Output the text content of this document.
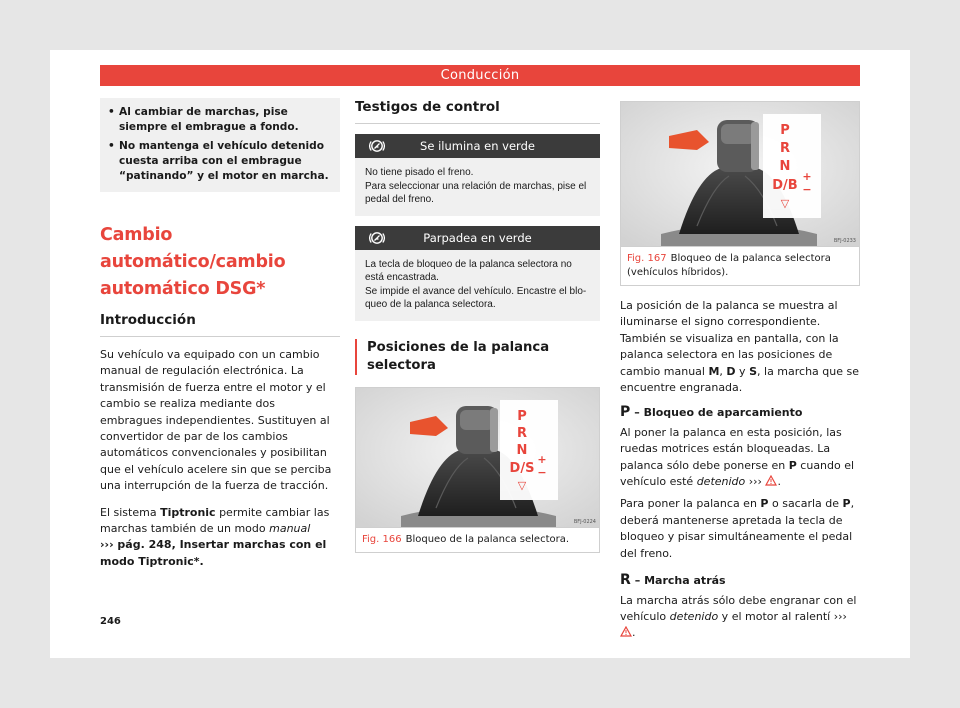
Conducción
• Al cambiar de marchas, pise siempre el embrague a fondo.
• No mantenga el vehículo detenido cuesta arriba con el embrague “patinando” y el motor en marcha.
Cambio automático/cambio
automático DSG*
Introducción

Su vehículo va equipado con un cambio manual de regulación electrónica. La transmisión de fuerza entre el motor y el cambio se realiza mediante dos embragues independientes. Sustituyen al convertidor de par de los cambios automáticos convencionales y posibilitan que el vehículo acelere sin que se perciba una interrupción de la fuerza de tracción.

El sistema Tiptronic permite cambiar las marchas también de un modo manual
››› pág. 248, Insertar marchas con el modo Tiptronic*.

Testigos de control
Se ilumina en verde
No tiene pisado el freno.
Para seleccionar una relación de marchas, pise el pedal del freno.
Parpadea en verde
La tecla de bloqueo de la palanca selectora no está encastrada.
Se impide el avance del vehículo. Encastre el bloqueo de la palanca selectora.
Posiciones de la palanca selectora
P
R
N
D/S
+
−
▽
BFJ-0224
Fig. 166 Bloqueo de la palanca selectora.
P
R
N
D/B
+
−
▽
BFJ-0233
Fig. 167 Bloqueo de la palanca selectora (vehículos híbridos).

La posición de la palanca se muestra al iluminarse el signo correspondiente. También se visualiza en pantalla, con la palanca selectora en las posiciones de cambio manual M, D y S, la marcha que se encuentre engranada.

P – Bloqueo de aparcamiento

Al poner la palanca en esta posición, las ruedas motrices están bloqueadas. La palanca sólo debe ponerse en P cuando el vehículo esté detenido ››› .

Para poner la palanca en P o sacarla de P, deberá mantenerse apretada la tecla de bloqueo y pisar simultáneamente el pedal del freno.

R – Marcha atrás

La marcha atrás sólo debe engranar con el vehículo detenido y el motor al ralentí ››› .

246
